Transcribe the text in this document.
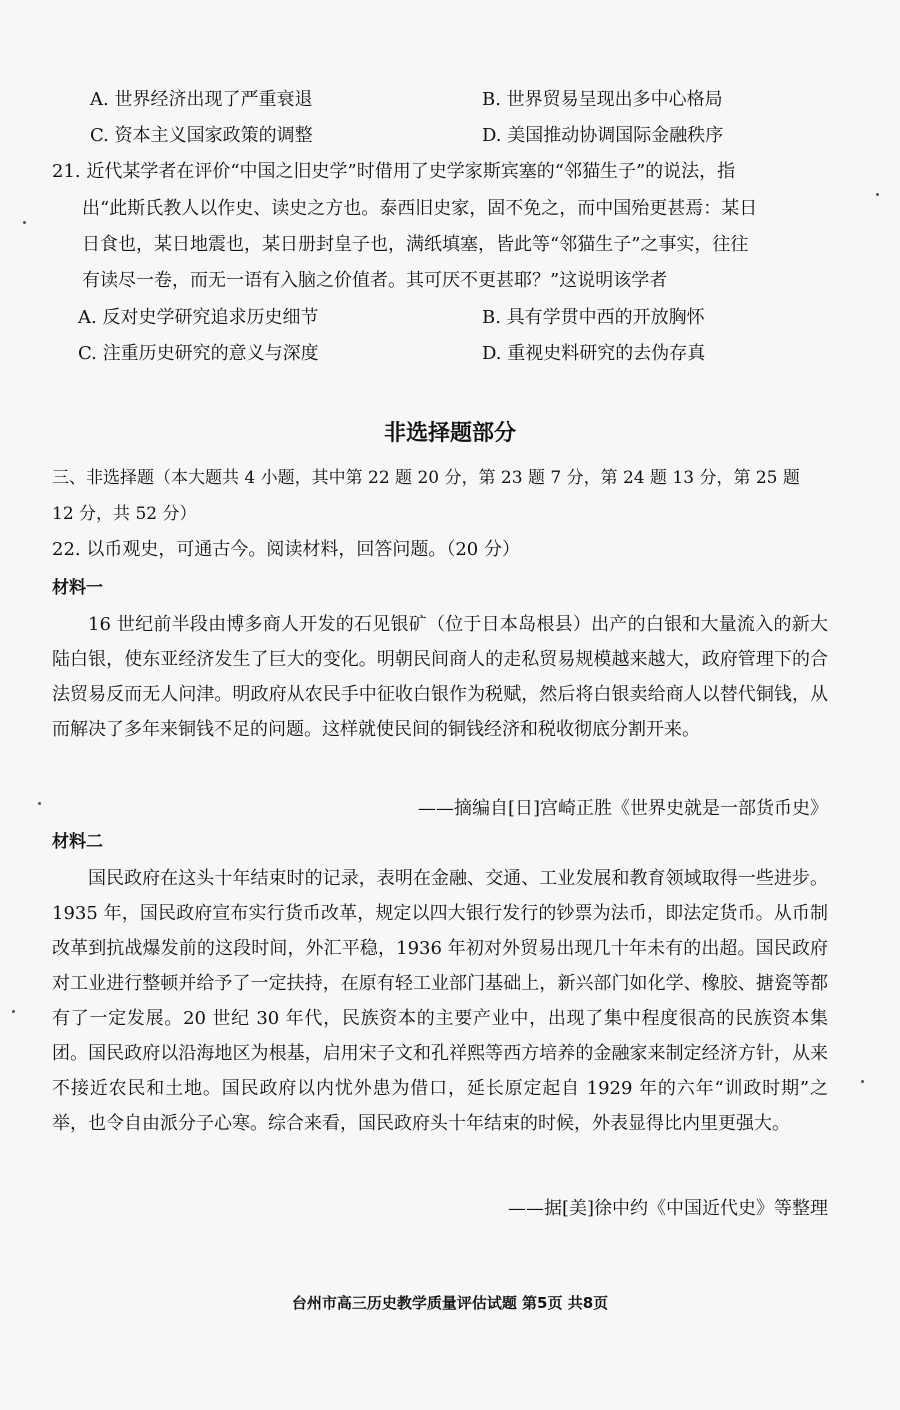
A. 世界经济出现了严重衰退	B. 世界贸易呈现出多中心格局
C. 资本主义国家政策的调整	D. 美国推动协调国际金融秩序
21. 近代某学者在评价“中国之旧史学”时借用了史学家斯宾塞的“邻猫生子”的说法，指
出“此斯氏教人以作史、读史之方也。泰西旧史家，固不免之，而中国殆更甚焉：某日
日食也，某日地震也，某日册封皇子也，满纸填塞，皆此等“邻猫生子”之事实，往往
有读尽一卷，而无一语有入脑之价值者。其可厌不更甚耶？”这说明该学者
A. 反对史学研究追求历史细节	B. 具有学贯中西的开放胸怀
C. 注重历史研究的意义与深度	D. 重视史料研究的去伪存真
非选择题部分
三、非选择题（本大题共 4 小题，其中第 22 题 20 分，第 23 题 7 分，第 24 题 13 分，第 25 题
12 分，共 52 分）
22. 以币观史，可通古今。阅读材料，回答问题。（20 分）
材料一
16 世纪前半段由博多商人开发的石见银矿（位于日本岛根县）出产的白银和大量流入的新大陆白银，使东亚经济发生了巨大的变化。明朝民间商人的走私贸易规模越来越大，政府管理下的合法贸易反而无人问津。明政府从农民手中征收白银作为税赋，然后将白银卖给商人以替代铜钱，从而解决了多年来铜钱不足的问题。这样就使民间的铜钱经济和税收彻底分割开来。
——摘编自[日]宫崎正胜《世界史就是一部货币史》
材料二
国民政府在这头十年结束时的记录，表明在金融、交通、工业发展和教育领域取得一些进步。1935 年，国民政府宣布实行货币改革，规定以四大银行发行的钞票为法币，即法定货币。从币制改革到抗战爆发前的这段时间，外汇平稳，1936 年初对外贸易出现几十年未有的出超。国民政府对工业进行整顿并给予了一定扶持，在原有轻工业部门基础上，新兴部门如化学、橡胶、搪瓷等都有了一定发展。20 世纪 30 年代，民族资本的主要产业中，出现了集中程度很高的民族资本集团。国民政府以沿海地区为根基，启用宋子文和孔祥熙等西方培养的金融家来制定经济方针，从来不接近农民和土地。国民政府以内忧外患为借口，延长原定起自 1929 年的六年“训政时期”之举，也令自由派分子心寒。综合来看，国民政府头十年结束的时候，外表显得比内里更强大。
——据[美]徐中约《中国近代史》等整理
台州市高三历史教学质量评估试题 第5页 共8页
